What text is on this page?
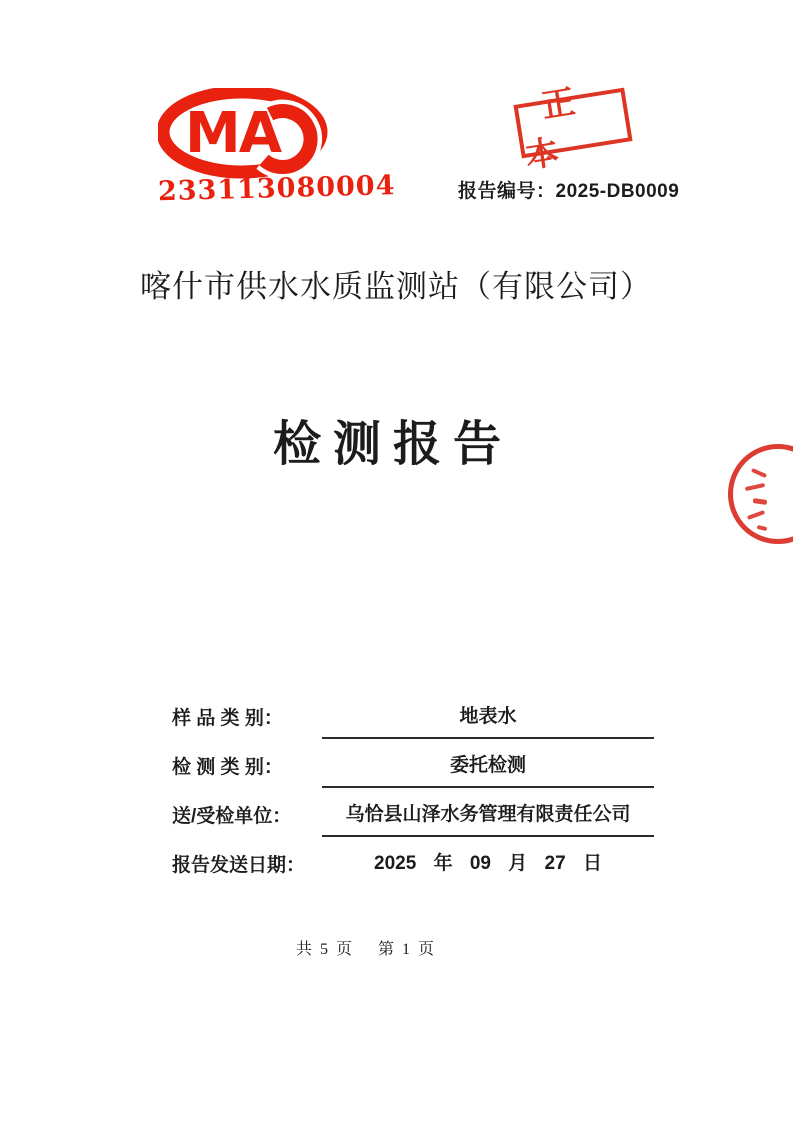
MA
233113080004
正本
报告编号：2025-DB0009
喀什市供水水质监测站（有限公司）
检测报告
样 品 类 别：	地表水
检 测 类 别：	委托检测
送/受检单位：	乌恰县山泽水务管理有限责任公司
报告发送日期：	2025 年 09 月 27 日
共 5 页 第 1 页
